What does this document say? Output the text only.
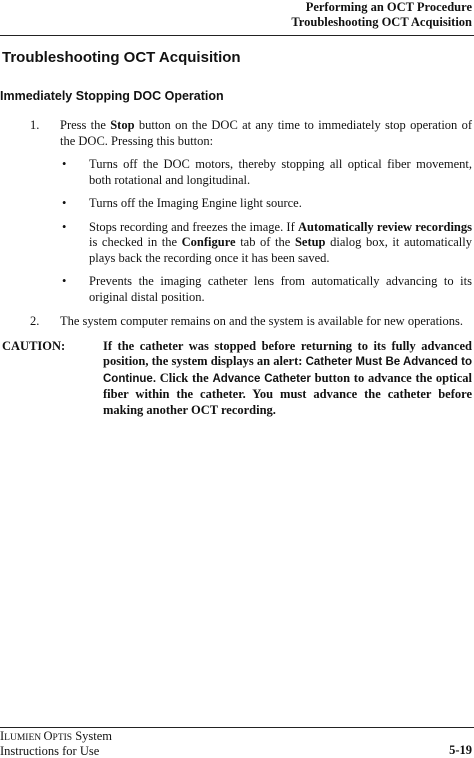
Performing an OCT Procedure
Troubleshooting OCT Acquisition
Troubleshooting OCT Acquisition
Immediately Stopping DOC Operation
1. Press the Stop button on the DOC at any time to immediately stop operation of the DOC. Pressing this button:
• Turns off the DOC motors, thereby stopping all optical fiber movement, both rotational and longitudinal.
• Turns off the Imaging Engine light source.
• Stops recording and freezes the image. If Automatically review recordings is checked in the Configure tab of the Setup dialog box, it automatically plays back the recording once it has been saved.
• Prevents the imaging catheter lens from automatically advancing to its original distal position.
2. The system computer remains on and the system is available for new operations.
CAUTION:	If the catheter was stopped before returning to its fully advanced position, the system displays an alert: Catheter Must Be Advanced to Continue. Click the Advance Catheter button to advance the optical fiber within the catheter. You must advance the catheter before making another OCT recording.
ILUMIEN OPTIS System
Instructions for Use	5-19
